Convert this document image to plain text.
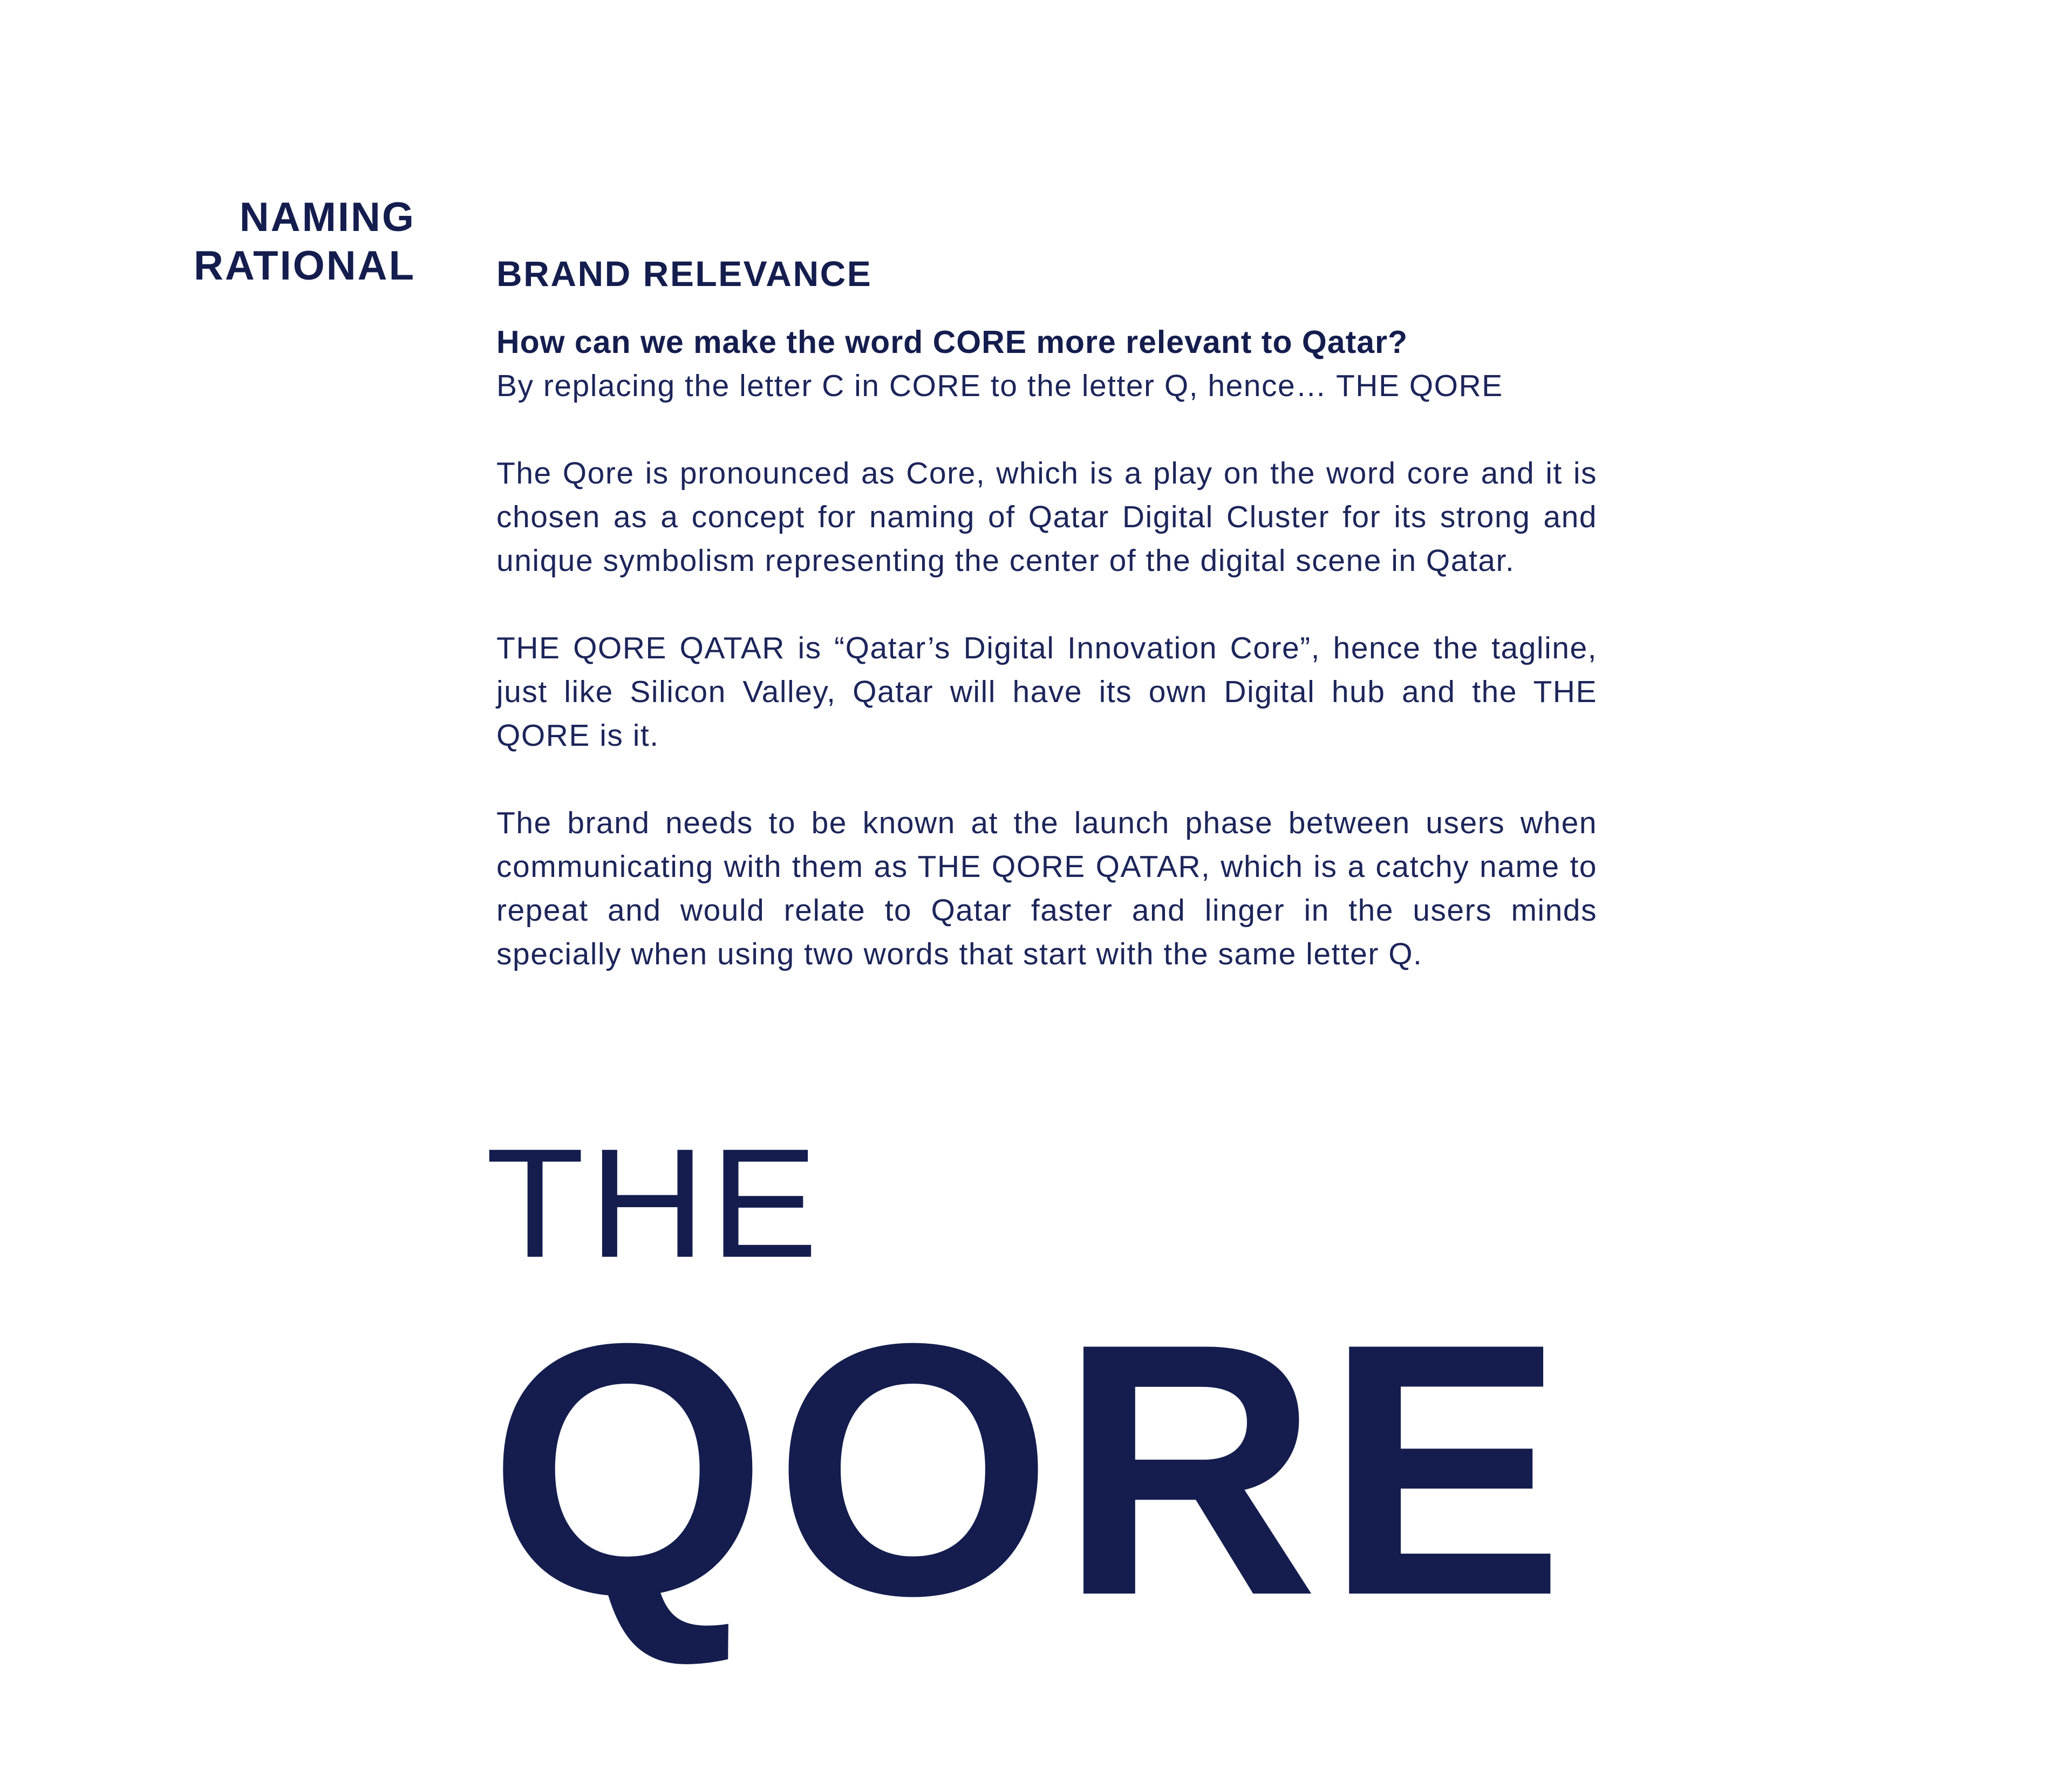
NAMING
RATIONAL BRAND RELEVANCE

How can we make the word CORE more relevant to Qatar?

By replacing the letter C in CORE to the letter Q, hence… THE QORE

The Qore is pronounced as Core, which is a play on the word core and it is chosen as a concept for naming of Qatar Digital Cluster for its strong and unique symbolism representing the center of the digital scene in Qatar.

THE QORE QATAR is “Qatar’s Digital Innovation Core”, hence the tagline, just like Silicon Valley, Qatar will have its own Digital hub and the THE QORE is it.

The brand needs to be known at the launch phase between users when communicating with them as THE QORE QATAR, which is a catchy name to repeat and would relate to Qatar faster and linger in the users minds specially when using two words that start with the same letter Q.

THE
QORE
